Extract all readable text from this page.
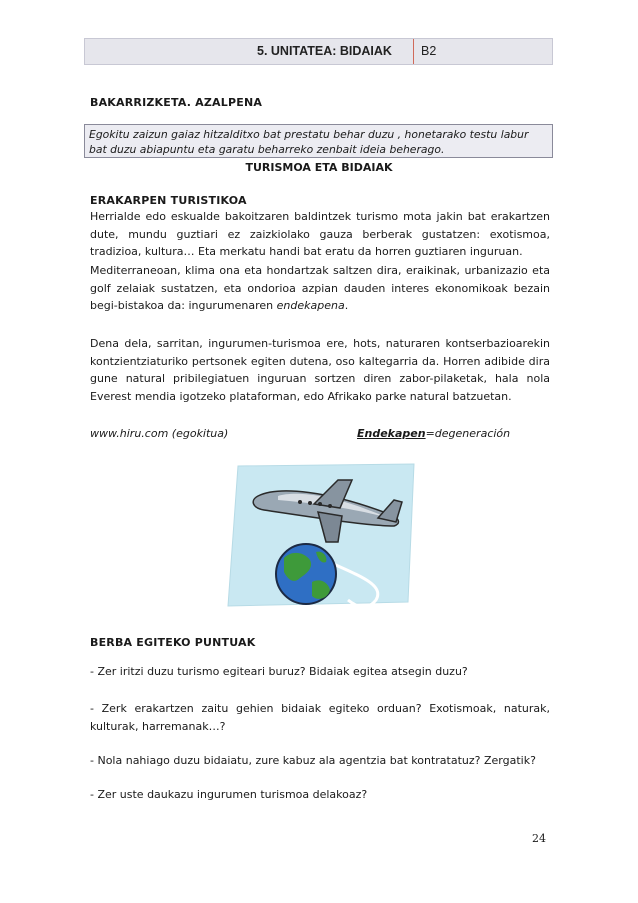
5. UNITATEA: BIDAIAK B2
BAKARRIZKETA. AZALPENA
Egokitu zaizun gaiaz hitzalditxo bat prestatu behar duzu , honetarako testu labur bat duzu abiapuntu eta garatu beharreko zenbait ideia beherago.
TURISMOA ETA BIDAIAK
ERAKARPEN TURISTIKOA
Herrialde edo eskualde bakoitzaren baldintzek turismo mota jakin bat erakartzen dute, mundu guztiari ez zaizkiolako gauza berberak gustatzen: exotismoa, tradizioa, kultura… Eta merkatu handi bat eratu da horren guztiaren inguruan.
Mediterraneoan, klima ona eta hondartzak saltzen dira, eraikinak, urbanizazio eta golf zelaiak sustatzen, eta ondorioa azpian dauden interes ekonomikoak bezain begi-bistakoa da: ingurumenaren endekapena.
Dena dela, sarritan, ingurumen-turismoa ere, hots, naturaren kontserbazioarekin kontzientziaturiko pertsonek egiten dutena, oso kaltegarria da. Horren adibide dira gune natural pribilegiatuen inguruan sortzen diren zabor-pilaketak, hala nola Everest mendia igotzeko plataforman, edo Afrikako parke natural batzuetan.
www.hiru.com (egokitua)	Endekapen=degeneración
BERBA EGITEKO PUNTUAK
- Zer iritzi duzu turismo egiteari buruz? Bidaiak egitea atsegin duzu?
- Zerk erakartzen zaitu gehien bidaiak egiteko orduan? Exotismoak, naturak, kulturak, harremanak…?
- Nola nahiago duzu bidaiatu, zure kabuz ala agentzia bat kontratatuz? Zergatik?
- Zer uste daukazu ingurumen turismoa delakoaz?
24
